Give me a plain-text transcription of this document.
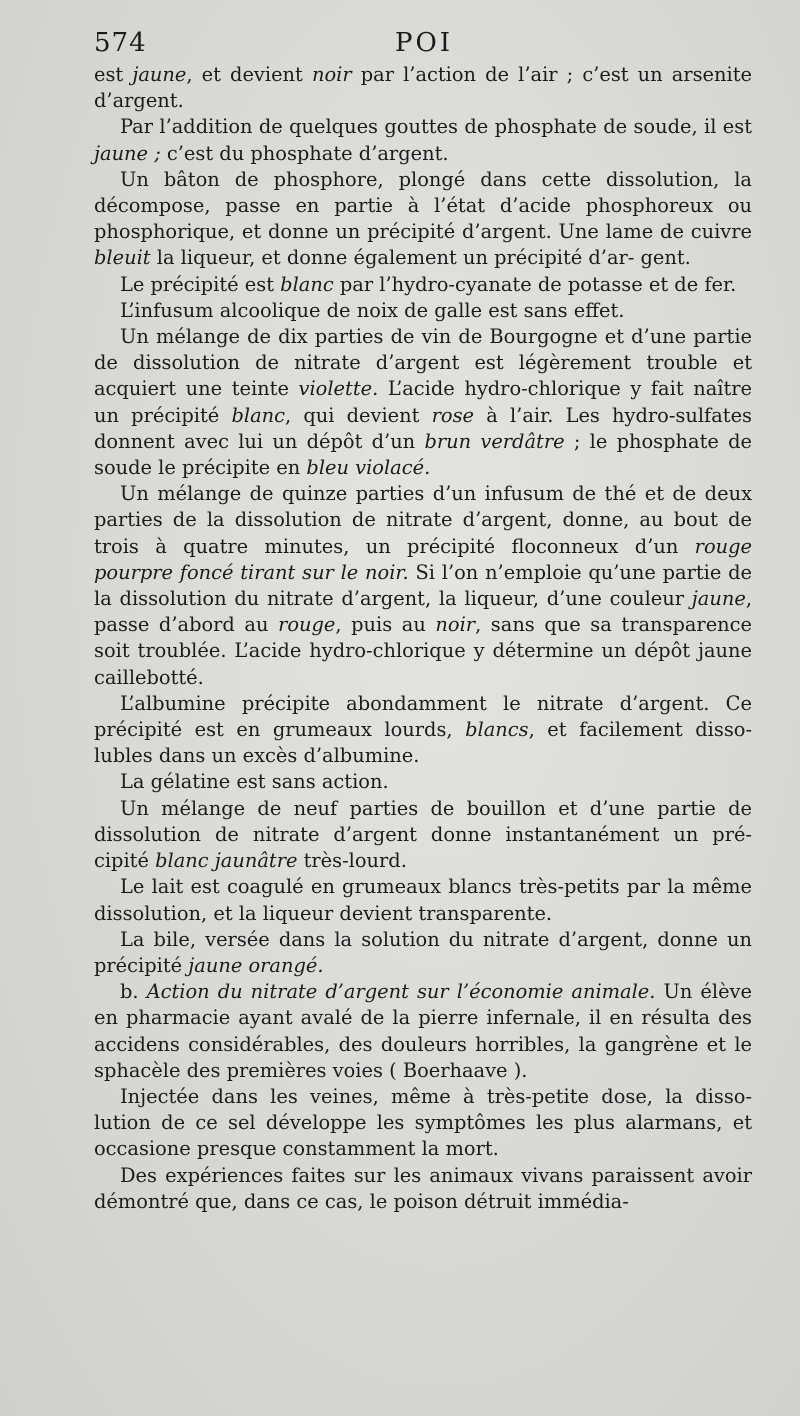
574	POI

est jaune, et devient noir par l’action de l’air ; c’est un arsenite d’argent.

Par l’addition de quelques gouttes de phosphate de soude, il est jaune ; c’est du phosphate d’argent.

Un bâton de phosphore, plongé dans cette dissolution, la décompose, passe en partie à l’état d’acide phosphoreux ou phosphorique, et donne un précipité d’argent. Une lame de cuivre bleuit la liqueur, et donne également un précipité d’ar- gent.

Le précipité est blanc par l’hydro-cyanate de potasse et de fer.

L’infusum alcoolique de noix de galle est sans effet.

Un mélange de dix parties de vin de Bourgogne et d’une partie de dissolution de nitrate d’argent est légèrement trouble et acquiert une teinte violette. L’acide hydro-chlorique y fait naître un précipité blanc, qui devient rose à l’air. Les hydro-sulfates donnent avec lui un dépôt d’un brun verdâtre ; le phosphate de soude le précipite en bleu violacé.

Un mélange de quinze parties d’un infusum de thé et de deux parties de la dissolution de nitrate d’argent, donne, au bout de trois à quatre minutes, un précipité floconneux d’un rouge pourpre foncé tirant sur le noir. Si l’on n’emploie qu’une partie de la dissolution du nitrate d’argent, la liqueur, d’une couleur jaune, passe d’abord au rouge, puis au noir, sans que sa transparence soit troublée. L’acide hydro-chlorique y détermine un dépôt jaune caillebotté.

L’albumine précipite abondamment le nitrate d’argent. Ce précipité est en grumeaux lourds, blancs, et facilement disso-lubles dans un excès d’albumine.

La gélatine est sans action.

Un mélange de neuf parties de bouillon et d’une partie de dissolution de nitrate d’argent donne instantanément un pré-cipité blanc jaunâtre très-lourd.

Le lait est coagulé en grumeaux blancs très-petits par la même dissolution, et la liqueur devient transparente.

La bile, versée dans la solution du nitrate d’argent, donne un précipité jaune orangé.

b. Action du nitrate d’argent sur l’économie animale. Un élève en pharmacie ayant avalé de la pierre infernale, il en résulta des accidens considérables, des douleurs horribles, la gangrène et le sphacèle des premières voies ( Boerhaave ).

Injectée dans les veines, même à très-petite dose, la disso-lution de ce sel développe les symptômes les plus alarmans, et occasione presque constamment la mort.

Des expériences faites sur les animaux vivans paraissent avoir démontré que, dans ce cas, le poison détruit immédia-
